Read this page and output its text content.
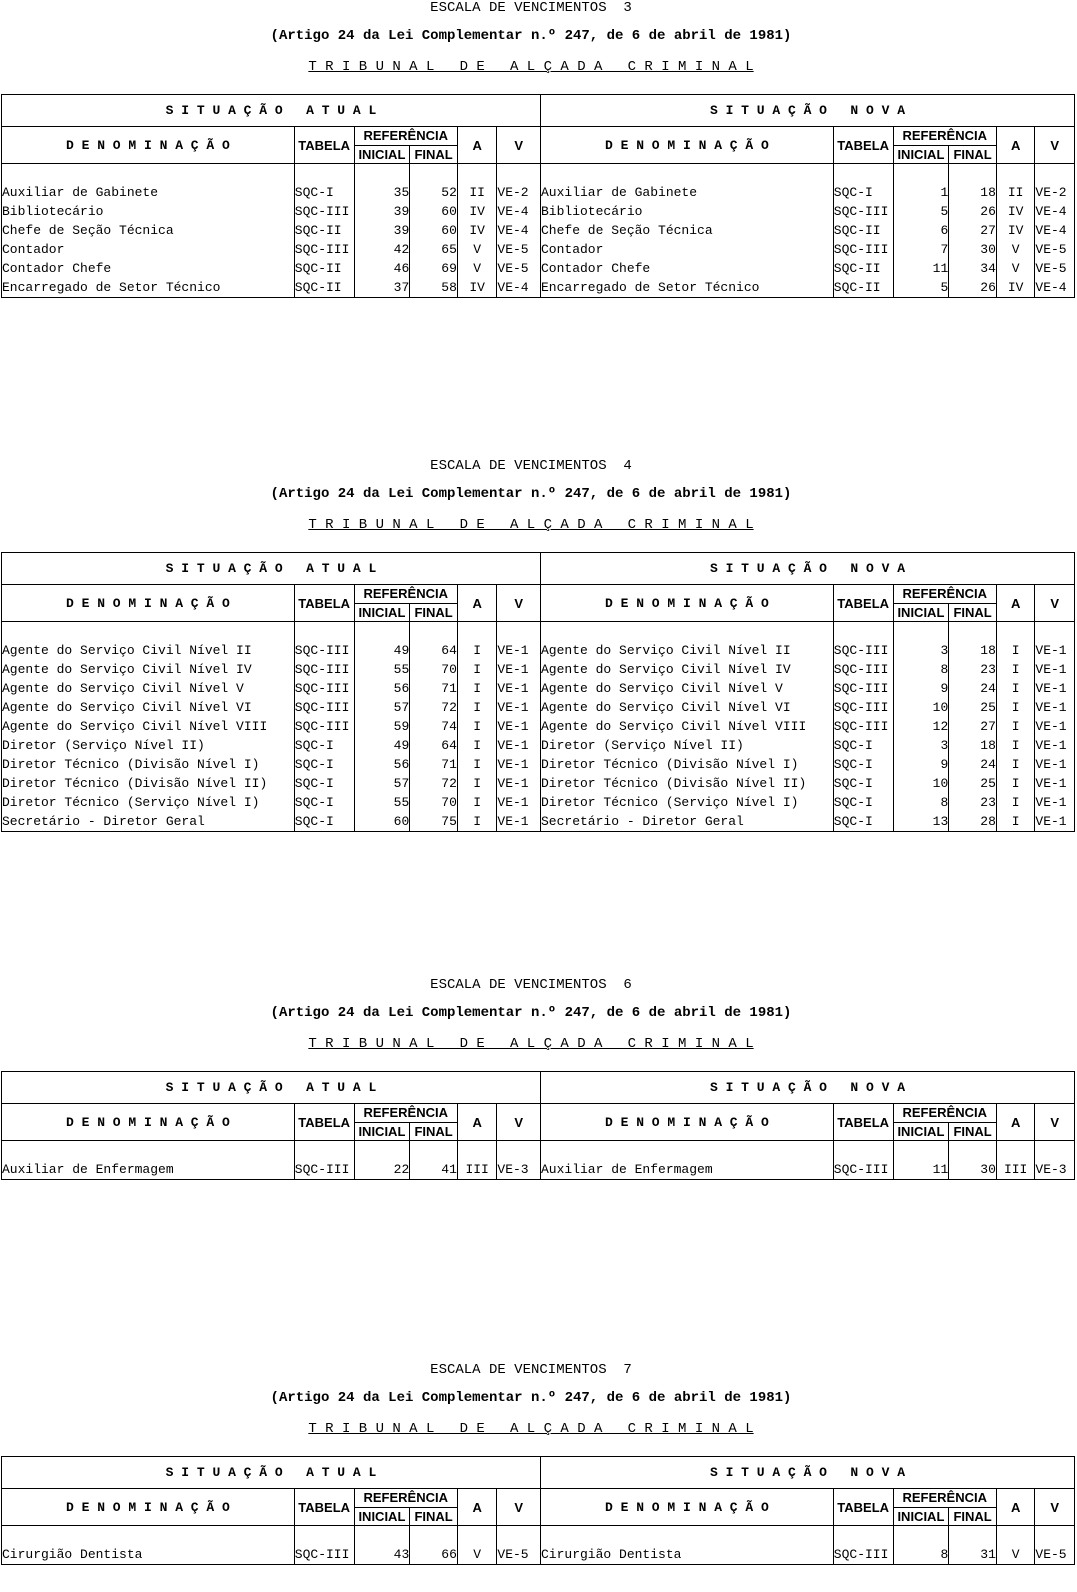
ESCALA DE VENCIMENTOS  3
(Artigo 24 da Lei Complementar n.º 247, de 6 de abril de 1981)
T R I B U N A L   D E   A L Ç A D A   C R I M I N A L
S I T U A Ç Ã O   A T U A L						S I T U A Ç Ã O   N O V A					
D E N O M I N A Ç Ã O	TABELA	REFERÊNCIA		A	V	D E N O M I N A Ç Ã O	TABELA	REFERÊNCIA		A	V
		INICIAL	FINAL					INICIAL	FINAL		

Auxiliar de Gabinete	SQC-I	35	52	II	VE-2	Auxiliar de Gabinete	SQC-I	1	18	II	VE-2
Bibliotecário	SQC-III	39	60	IV	VE-4	Bibliotecário	SQC-III	5	26	IV	VE-4
Chefe de Seção Técnica	SQC-II	39	60	IV	VE-4	Chefe de Seção Técnica	SQC-II	6	27	IV	VE-4
Contador	SQC-III	42	65	V	VE-5	Contador	SQC-III	7	30	V	VE-5
Contador Chefe	SQC-II	46	69	V	VE-5	Contador Chefe	SQC-II	11	34	V	VE-5
Encarregado de Setor Técnico	SQC-II	37	58	IV	VE-4	Encarregado de Setor Técnico	SQC-II	5	26	IV	VE-4
ESCALA DE VENCIMENTOS  4
(Artigo 24 da Lei Complementar n.º 247, de 6 de abril de 1981)
T R I B U N A L   D E   A L Ç A D A   C R I M I N A L
S I T U A Ç Ã O   A T U A L						S I T U A Ç Ã O   N O V A					
D E N O M I N A Ç Ã O	TABELA	REFERÊNCIA		A	V	D E N O M I N A Ç Ã O	TABELA	REFERÊNCIA		A	V
		INICIAL	FINAL					INICIAL	FINAL		

Agente do Serviço Civil Nível II	SQC-III	49	64	I	VE-1	Agente do Serviço Civil Nível II	SQC-III	3	18	I	VE-1
Agente do Serviço Civil Nível IV	SQC-III	55	70	I	VE-1	Agente do Serviço Civil Nível IV	SQC-III	8	23	I	VE-1
Agente do Serviço Civil Nível V	SQC-III	56	71	I	VE-1	Agente do Serviço Civil Nível V	SQC-III	9	24	I	VE-1
Agente do Serviço Civil Nível VI	SQC-III	57	72	I	VE-1	Agente do Serviço Civil Nível VI	SQC-III	10	25	I	VE-1
Agente do Serviço Civil Nível VIII	SQC-III	59	74	I	VE-1	Agente do Serviço Civil Nível VIII	SQC-III	12	27	I	VE-1
Diretor (Serviço Nível II)	SQC-I	49	64	I	VE-1	Diretor (Serviço Nível II)	SQC-I	3	18	I	VE-1
Diretor Técnico (Divisão Nível I)	SQC-I	56	71	I	VE-1	Diretor Técnico (Divisão Nível I)	SQC-I	9	24	I	VE-1
Diretor Técnico (Divisão Nível II)	SQC-I	57	72	I	VE-1	Diretor Técnico (Divisão Nível II)	SQC-I	10	25	I	VE-1
Diretor Técnico (Serviço Nível I)	SQC-I	55	70	I	VE-1	Diretor Técnico (Serviço Nível I)	SQC-I	8	23	I	VE-1
Secretário - Diretor Geral	SQC-I	60	75	I	VE-1	Secretário - Diretor Geral	SQC-I	13	28	I	VE-1
ESCALA DE VENCIMENTOS  6
(Artigo 24 da Lei Complementar n.º 247, de 6 de abril de 1981)
T R I B U N A L   D E   A L Ç A D A   C R I M I N A L
S I T U A Ç Ã O   A T U A L						S I T U A Ç Ã O   N O V A					
D E N O M I N A Ç Ã O	TABELA	REFERÊNCIA		A	V	D E N O M I N A Ç Ã O	TABELA	REFERÊNCIA		A	V
		INICIAL	FINAL					INICIAL	FINAL		

Auxiliar de Enfermagem	SQC-III	22	41	III	VE-3	Auxiliar de Enfermagem	SQC-III	11	30	III	VE-3
ESCALA DE VENCIMENTOS  7
(Artigo 24 da Lei Complementar n.º 247, de 6 de abril de 1981)
T R I B U N A L   D E   A L Ç A D A   C R I M I N A L
S I T U A Ç Ã O   A T U A L						S I T U A Ç Ã O   N O V A					
D E N O M I N A Ç Ã O	TABELA	REFERÊNCIA		A	V	D E N O M I N A Ç Ã O	TABELA	REFERÊNCIA		A	V
		INICIAL	FINAL					INICIAL	FINAL		

Cirurgião Dentista	SQC-III	43	66	V	VE-5	Cirurgião Dentista	SQC-III	8	31	V	VE-5
